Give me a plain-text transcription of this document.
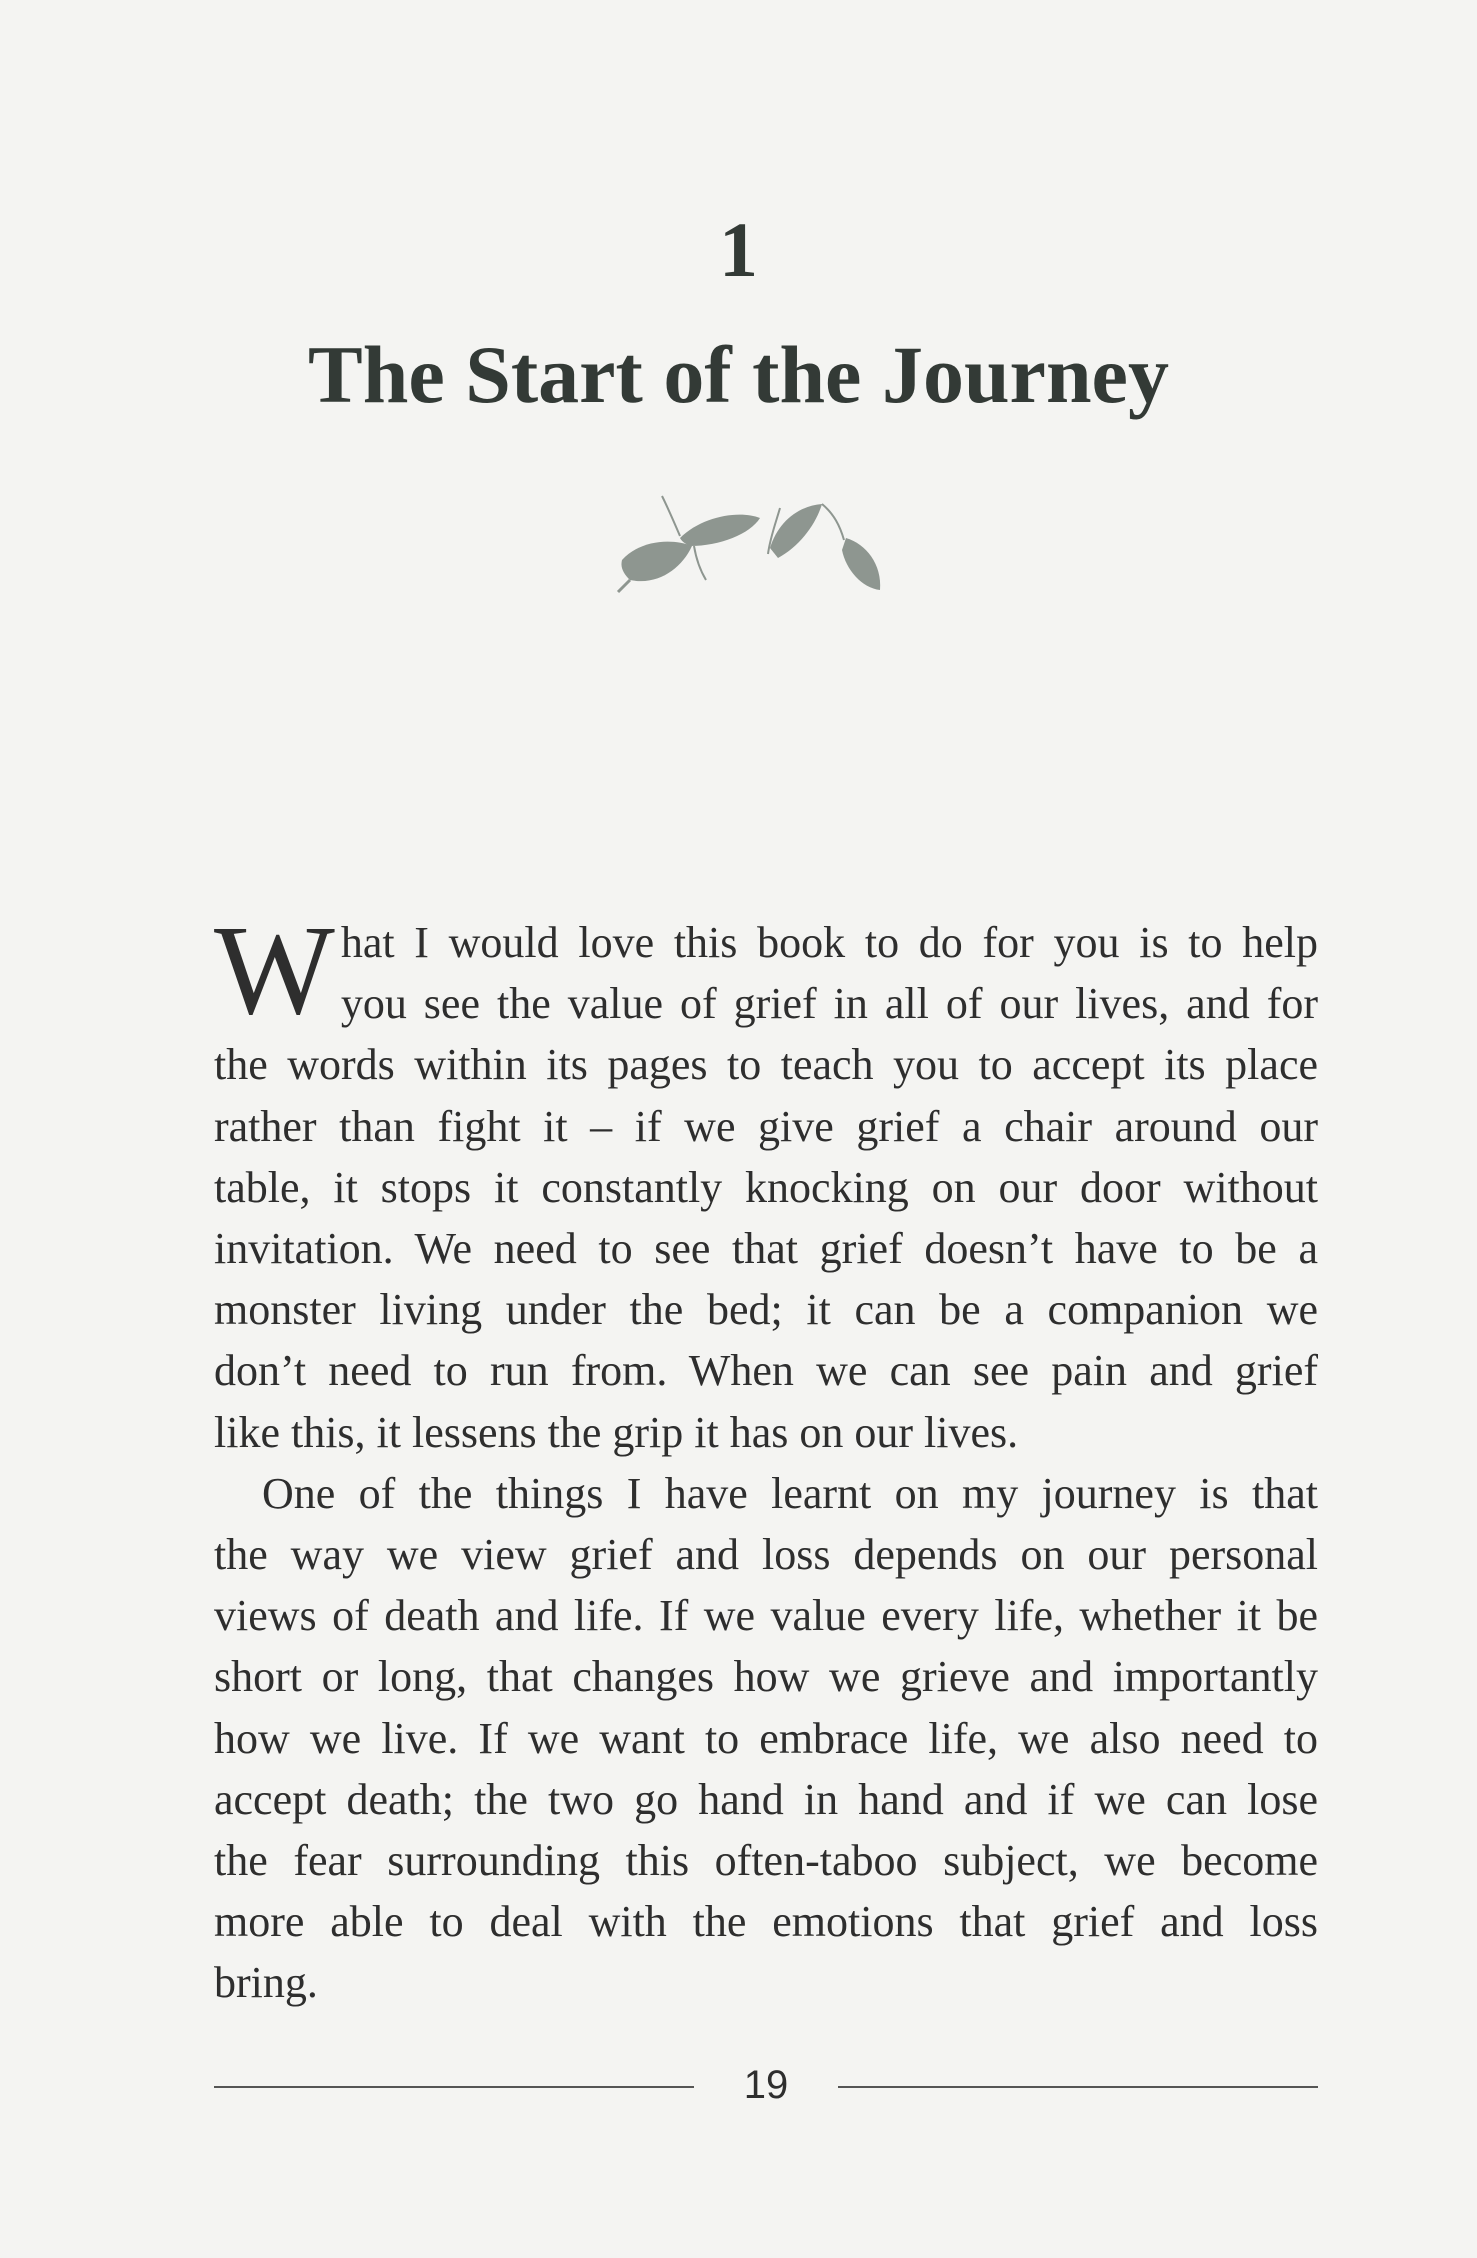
1
The Start of the Journey

W hat I would love this book to do for you is to help
you see the value of grief in all of our lives, and for
the words within its pages to teach you to accept its place
rather than fight it – if we give grief a chair around our
table, it stops it constantly knocking on our door without
invitation. We need to see that grief doesn’t have to be a
monster living under the bed; it can be a companion we
don’t need to run from. When we can see pain and grief
like this, it lessens the grip it has on our lives.

One of the things I have learnt on my journey is that
the way we view grief and loss depends on our personal
views of death and life. If we value every life, whether it be
short or long, that changes how we grieve and importantly
how we live. If we want to embrace life, we also need to
accept death; the two go hand in hand and if we can lose
the fear surrounding this often-taboo subject, we become
more able to deal with the emotions that grief and loss
bring.

19
